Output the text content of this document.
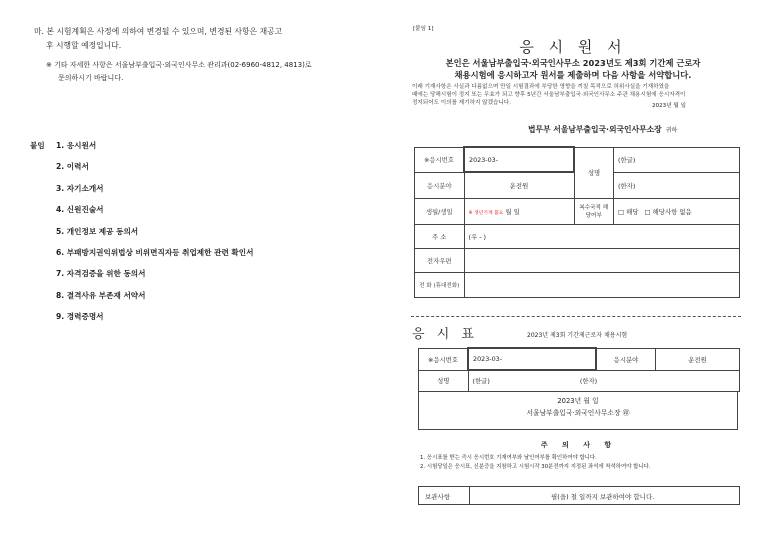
마. 본 시험계획은 사정에 의하여 변경될 수 있으며, 변경된 사항은 재공고
후 시행할 예정입니다.
※ 기타 자세한 사항은 서울남부출입국·외국인사무소 관리과(02-6960-4812, 4813)로
문의하시기 바랍니다.
붙임 1. 응시원서
2. 이력서
3. 자기소개서
4. 신원진술서
5. 개인정보 제공 동의서
6. 부패방지권익위법상 비위면직자등 취업제한 관련 확인서
7. 자격검증을 위한 동의서
8. 결격사유 부존재 서약서
9. 경력증명서
[붙임 1]
응 시 원 서
본인은 서울남부출입국·외국인사무소 2023년도 제3회 기간제 근로자
채용시험에 응시하고자 원서를 제출하며 다음 사항을 서약합니다.
이래 기재사항은 사실과 다름없으며 만일 시험결과에 부당한 영향을 끼칠 목적으로 허위사실을 기재하였을
때에는 당해시험이 정지 또는 무효가 되고 향후 5년간 서울남부출입국·외국인사무소 주관 채용시험에 응시자격이
정지되어도 이의를 제기하지 않겠습니다.	2023년 월 일
법무부 서울남부출입국·외국인사무소장 귀하
※응시번호	2023-03-	성명	(한글)
응시분야	운전원		(한자)
생월/생일	※ 생년기재 불요 월 일	복수국적 해당여부	□ 해당 □ 해당사항 없음
주 소	(우 - )		
전자우편			
전 화 (휴대전화)			
응 시 표	2023년 제3회 기간제근로자 채용시험
※응시번호	2023-03-	응시분야	운전원
성명	(한글) (한자)		
2023년 월 일
서울남부출입국·외국인사무소장 ㊞
주 의 사 항
1. 응시표를 받는 즉시 응시번호 기재여부와 날인여부를 확인하여야 합니다.
2. 시험당일은 응시표, 신분증을 지참하고 시험시작 30분전까지 지정된 좌석에 착석하여야 합니다.
보관사항	필(을) 철 일까지 보관하여야 합니다.
